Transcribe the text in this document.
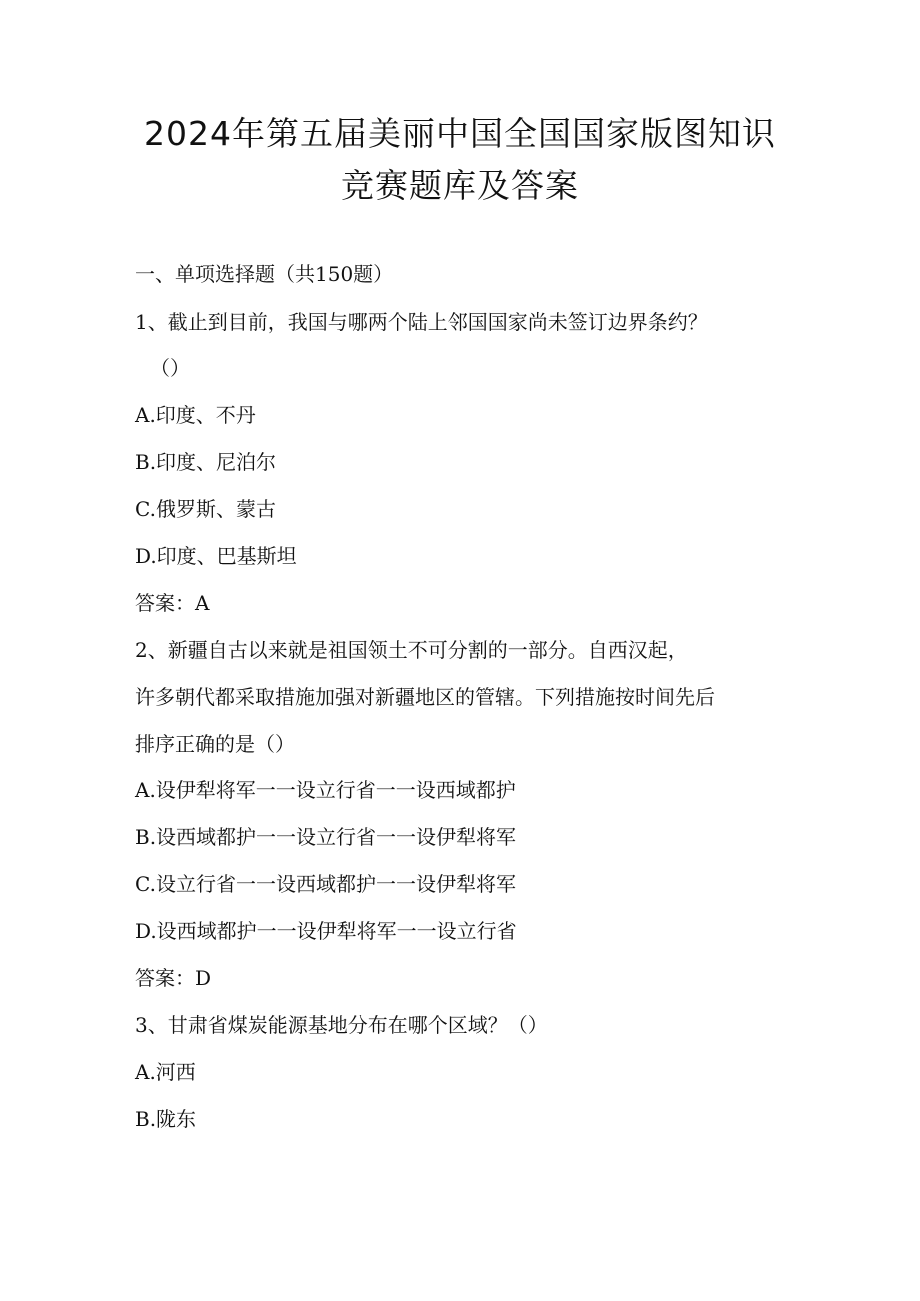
2024年第五届美丽中国全国国家版图知识
竞赛题库及答案
一、单项选择题（共150题）
1、截止到目前，我国与哪两个陆上邻国国家尚未签订边界条约？
（）
A.印度、不丹
B.印度、尼泊尔
C.俄罗斯、蒙古
D.印度、巴基斯坦
答案：A
2、新疆自古以来就是祖国领土不可分割的一部分。自西汉起，
许多朝代都采取措施加强对新疆地区的管辖。下列措施按时间先后
排序正确的是（）
A.设伊犁将军一一设立行省一一设西域都护
B.设西域都护一一设立行省一一设伊犁将军
C.设立行省一一设西域都护一一设伊犁将军
D.设西域都护一一设伊犁将军一一设立行省
答案：D
3、甘肃省煤炭能源基地分布在哪个区域？（）
A.河西
B.陇东
